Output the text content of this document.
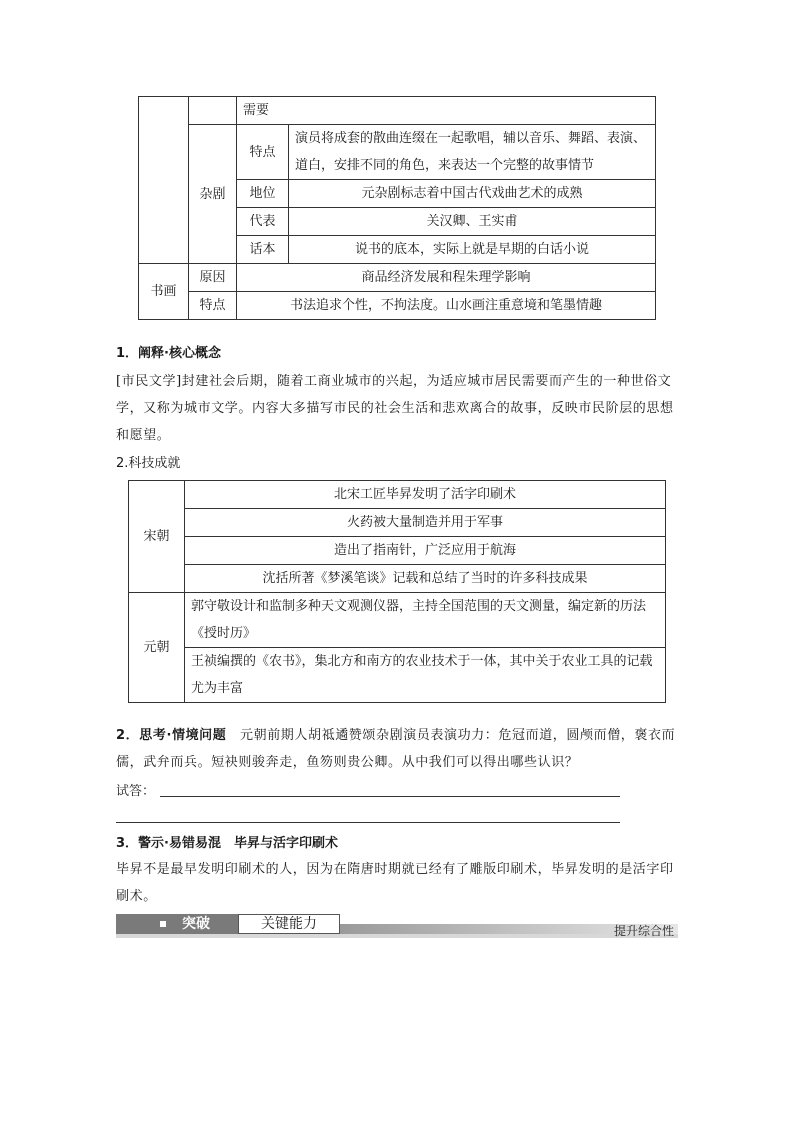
		需要	
	杂剧	特点	演员将成套的散曲连缀在一起歌唱，辅以音乐、舞蹈、表演、道白，安排不同的角色，来表达一个完整的故事情节
		地位	元杂剧标志着中国古代戏曲艺术的成熟
		代表	关汉卿、王实甫
		话本	说书的底本，实际上就是早期的白话小说
书画	原因	商品经济发展和程朱理学影响	
	特点	书法追求个性，不拘法度。山水画注重意境和笔墨情趣	

1．阐释·核心概念

[市民文学]封建社会后期，随着工商业城市的兴起，为适应城市居民需要而产生的一种世俗文学，又称为城市文学。内容大多描写市民的社会生活和悲欢离合的故事，反映市民阶层的思想和愿望。

2.科技成就

宋朝	北宋工匠毕昇发明了活字印刷术
	火药被大量制造并用于军事
	造出了指南针，广泛应用于航海
	沈括所著《梦溪笔谈》记载和总结了当时的许多科技成果
元朝	郭守敬设计和监制多种天文观测仪器，主持全国范围的天文测量，编定新的历法《授时历》
	王祯编撰的《农书》，集北方和南方的农业技术于一体，其中关于农业工具的记载尤为丰富

2．思考·情境问题　 元朝前期人胡祗遹赞颂杂剧演员表演功力：危冠而道，圆颅而僧，褒衣而儒，武弁而兵。短袂则骏奔走，鱼笏则贵公卿。从中我们可以得出哪些认识？

试答：

3．警示·易错易混　毕昇与活字印刷术

毕昇不是最早发明印刷术的人，因为在隋唐时期就已经有了雕版印刷术，毕昇发明的是活字印刷术。

突破	关键能力	提升综合性
